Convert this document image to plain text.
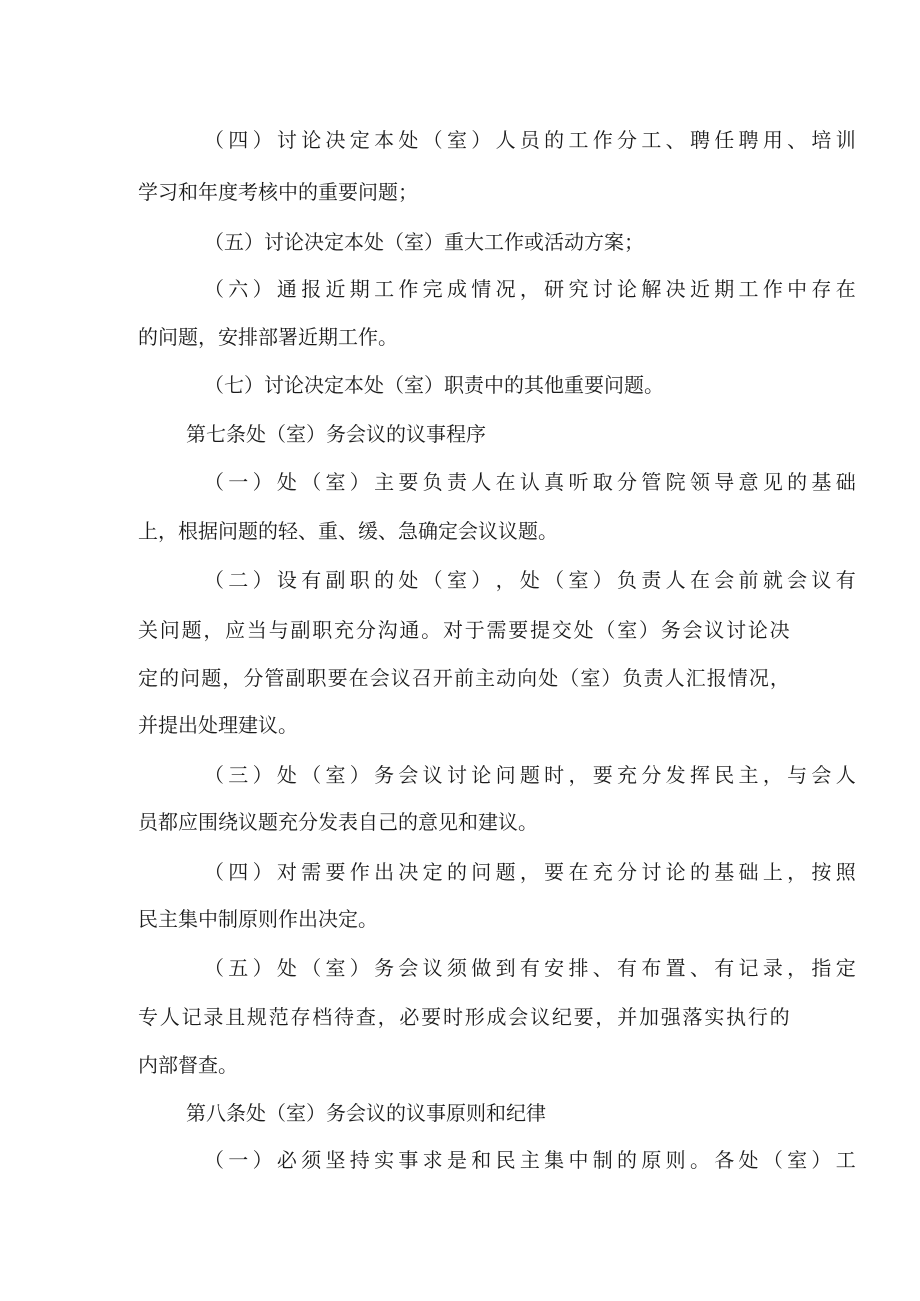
（ 四 ） 讨 论 决 定 本 处 （ 室 ） 人 员 的 工 作 分 工 、 聘 任 聘 用 、 培 训
学习和年度考核中的重要问题；
（五）讨论决定本处（室）重大工作或活动方案；
（ 六 ） 通 报 近 期 工 作 完 成 情 况 ， 研 究 讨 论 解 决 近 期 工 作 中 存 在
的问题，安排部署近期工作。
（七）讨论决定本处（室）职责中的其他重要问题。
第七条处（室）务会议的议事程序
（ 一 ） 处 （ 室 ） 主 要 负 责 人 在 认 真 听 取 分 管 院 领 导 意 见 的 基 础
上，根据问题的轻、重、缓、急确定会议议题。
（ 二 ） 设 有 副 职 的 处 （ 室 ） ， 处 （ 室 ） 负 责 人 在 会 前 就 会 议 有
关 问 题 ， 应 当 与 副 职 充 分 沟 通 。 对 于 需 要 提 交 处 （ 室 ） 务 会 议 讨 论 决
定 的 问 题 ， 分 管 副 职 要 在 会 议 召 开 前 主 动 向 处 （ 室 ） 负 责 人 汇 报 情 况 ，
并提出处理建议。
（ 三 ） 处 （ 室 ） 务 会 议 讨 论 问 题 时 ， 要 充 分 发 挥 民 主 ， 与 会 人
员都应围绕议题充分发表自己的意见和建议。
（ 四 ） 对 需 要 作 出 决 定 的 问 题 ， 要 在 充 分 讨 论 的 基 础 上 ， 按 照
民主集中制原则作出决定。
（ 五 ） 处 （ 室 ） 务 会 议 须 做 到 有 安 排 、 有 布 置 、 有 记 录 ， 指 定
专 人 记 录 且 规 范 存 档 待 查 ， 必 要 时 形 成 会 议 纪 要 ， 并 加 强 落 实 执 行 的
内部督查。
第八条处（室）务会议的议事原则和纪律
（ 一 ） 必 须 坚 持 实 事 求 是 和 民 主 集 中 制 的 原 则 。 各 处 （ 室 ） 工
